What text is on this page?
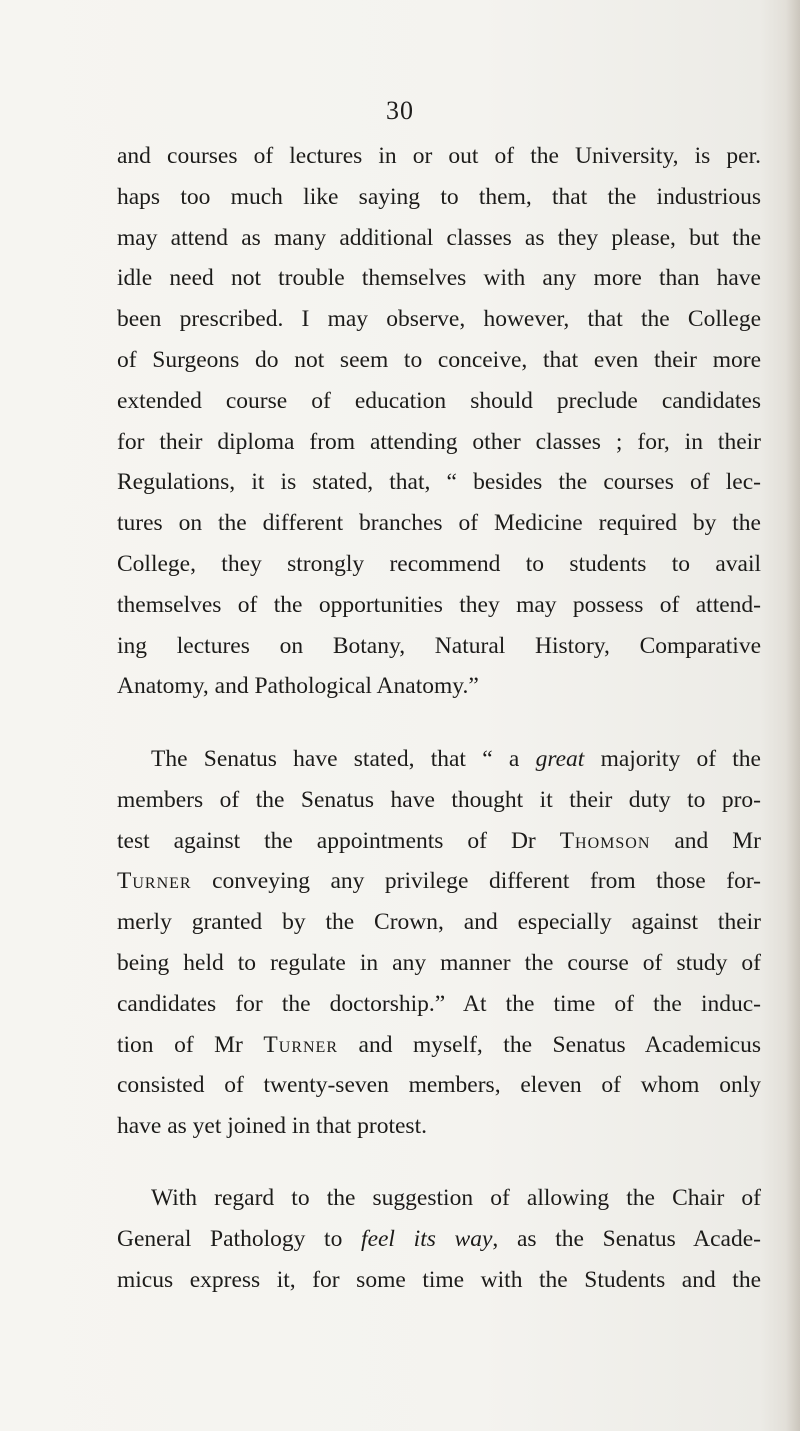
30
and courses of lectures in or out of the University, is per.
haps too much like saying to them, that the industrious
may attend as many additional classes as they please, but the
idle need not trouble themselves with any more than have
been prescribed. I may observe, however, that the College
of Surgeons do not seem to conceive, that even their more
extended course of education should preclude candidates
for their diploma from attending other classes ; for, in their
Regulations, it is stated, that, “ besides the courses of lec-
tures on the different branches of Medicine required by the
College, they strongly recommend to students to avail
themselves of the opportunities they may possess of attend-
ing lectures on Botany, Natural History, Comparative
Anatomy, and Pathological Anatomy.”
The Senatus have stated, that “ a great majority of the
members of the Senatus have thought it their duty to pro-
test against the appointments of Dr Thomson and Mr
Turner conveying any privilege different from those for-
merly granted by the Crown, and especially against their
being held to regulate in any manner the course of study of
candidates for the doctorship.” At the time of the induc-
tion of Mr Turner and myself, the Senatus Academicus
consisted of twenty-seven members, eleven of whom only
have as yet joined in that protest.
With regard to the suggestion of allowing the Chair of
General Pathology to feel its way, as the Senatus Acade-
micus express it, for some time with the Students and the
